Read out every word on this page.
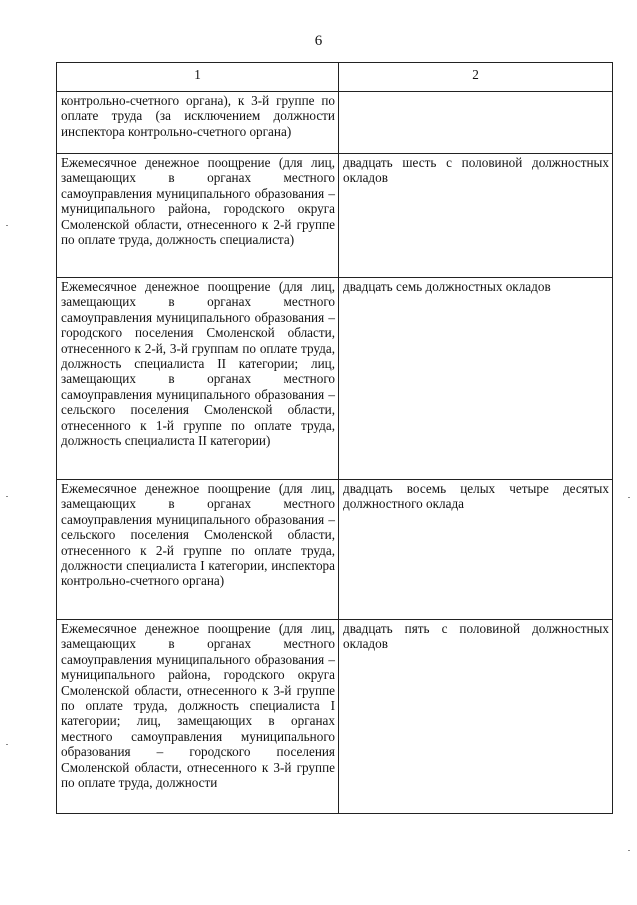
6
1	2
контрольно-счетного органа), к 3-й группе по оплате труда (за исключением должности инспектора контрольно-счетного органа)	
Ежемесячное денежное поощрение (для лиц, замещающих в органах местного самоуправления муниципального образования – муниципального района, городского округа Смоленской области, отнесенного к 2-й группе по оплате труда, должность специалиста)	двадцать шесть с половиной должностных окладов
Ежемесячное денежное поощрение (для лиц, замещающих в органах местного самоуправления муниципального образования – городского поселения Смоленской области, отнесенного к 2-й, 3-й группам по оплате труда, должность специалиста II категории; лиц, замещающих в органах местного самоуправления муниципального образования – сельского поселения Смоленской области, отнесенного к 1-й группе по оплате труда, должность специалиста II категории)	двадцать семь должностных окладов
Ежемесячное денежное поощрение (для лиц, замещающих в органах местного самоуправления муниципального образования – сельского поселения Смоленской области, отнесенного к 2-й группе по оплате труда, должности специалиста I категории, инспектора контрольно-счетного органа)	двадцать восемь целых четыре десятых должностного оклада
Ежемесячное денежное поощрение (для лиц, замещающих в органах местного самоуправления муниципального образования – муниципального района, городского округа Смоленской области, отнесенного к 3-й группе по оплате труда, должность специалиста I категории; лиц, замещающих в органах местного самоуправления муниципального образования – городского поселения Смоленской области, отнесенного к 3-й группе по оплате труда, должности	двадцать пять с половиной должностных окладов
